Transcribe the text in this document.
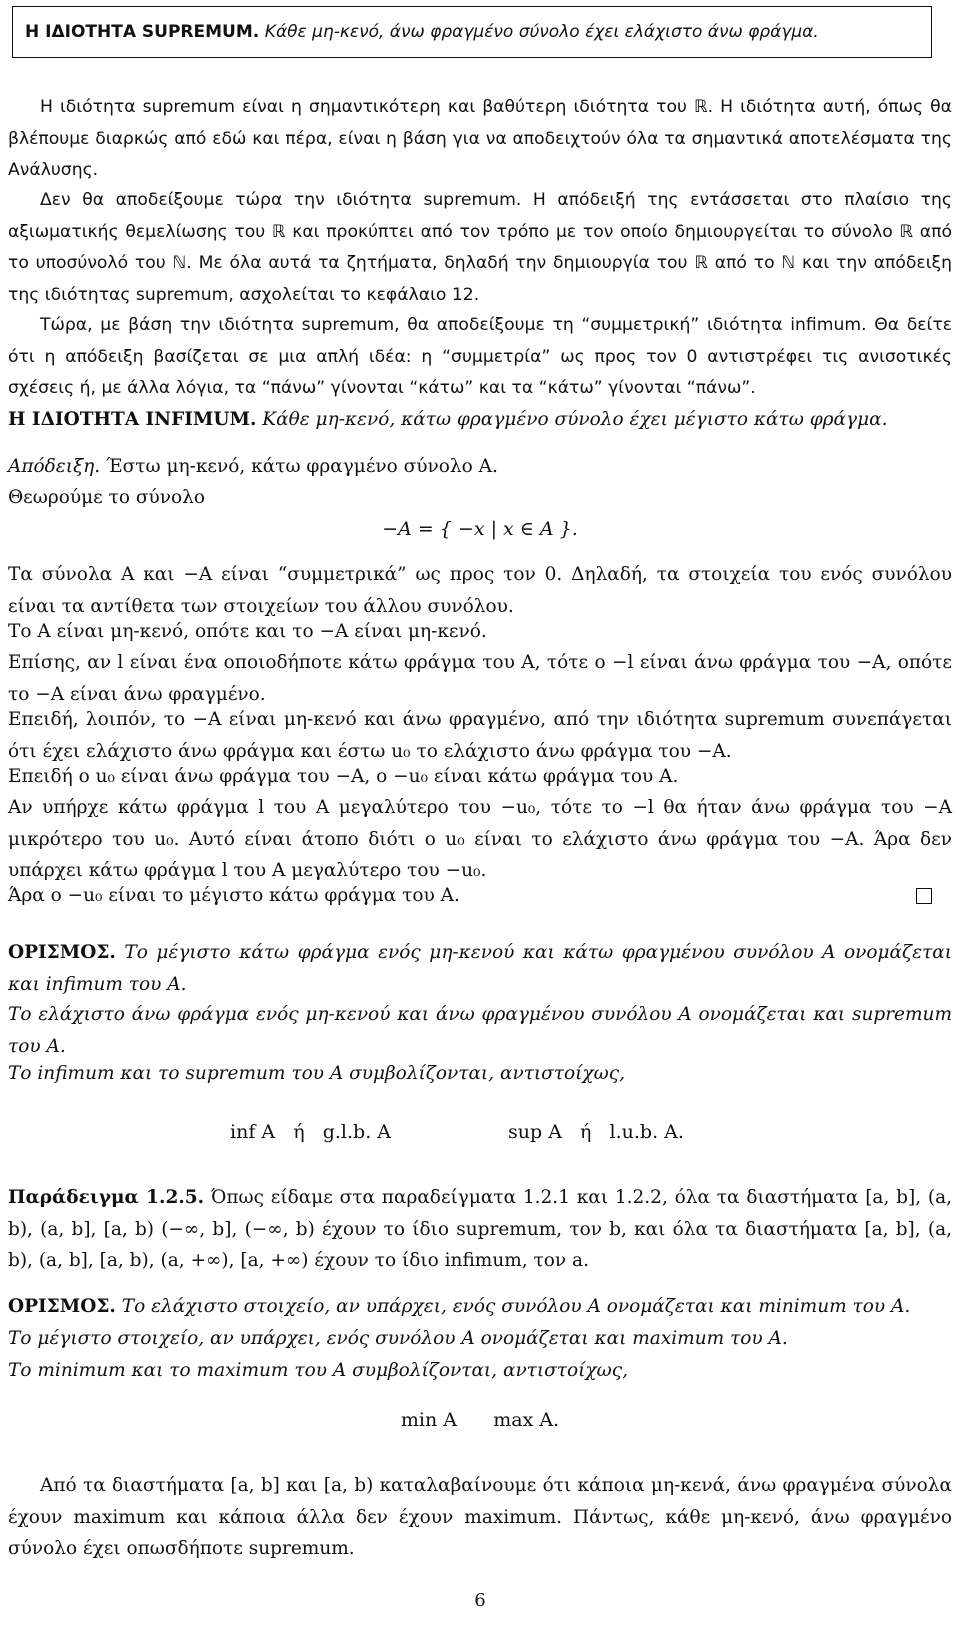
Η ΙΔΙΟΤΗΤΑ SUPREMUM.
Κάθε μη-κενό, άνω φραγμένο σύνολο έχει ελάχιστο άνω φράγμα.

Η ιδιότητα supremum είναι η σημαντικότερη και βαθύτερη ιδιότητα του ℝ. Η ιδιότητα αυτή, όπως θα βλέπουμε διαρκώς από εδώ και πέρα, είναι η βάση για να αποδειχτούν όλα τα σημαντικά αποτελέσματα της Ανάλυσης.

Δεν θα αποδείξουμε τώρα την ιδιότητα supremum. Η απόδειξή της εντάσσεται στο πλαίσιο της αξιωματικής θεμελίωσης του ℝ και προκύπτει από τον τρόπο με τον οποίο δημιουργείται το σύνολο ℝ από το υποσύνολό του ℕ. Με όλα αυτά τα ζητήματα, δηλαδή την δημιουργία του ℝ από το ℕ και την απόδειξη της ιδιότητας supremum, ασχολείται το κεφάλαιο 12.

Τώρα, με βάση την ιδιότητα supremum, θα αποδείξουμε τη “συμμετρική” ιδιότητα infimum. Θα δείτε ότι η απόδειξη βασίζεται σε μια απλή ιδέα: η “συμμετρία” ως προς τον 0 αντιστρέφει τις ανισοτικές σχέσεις ή, με άλλα λόγια, τα “πάνω” γίνονται “κάτω” και τα “κάτω” γίνονται “πάνω”.

Η ΙΔΙΟΤΗΤΑ INFIMUM. Κάθε μη-κενό, κάτω φραγμένο σύνολο έχει μέγιστο κάτω φράγμα.

Απόδειξη. Έστω μη-κενό, κάτω φραγμένο σύνολο A.

Θεωρούμε το σύνολο

−A = { −x | x ∈ A }.

Τα σύνολα A και −A είναι “συμμετρικά” ως προς τον 0. Δηλαδή, τα στοιχεία του ενός συνόλου είναι τα αντίθετα των στοιχείων του άλλου συνόλου.

Το A είναι μη-κενό, οπότε και το −A είναι μη-κενό.

Επίσης, αν l είναι ένα οποιοδήποτε κάτω φράγμα του A, τότε ο −l είναι άνω φράγμα του −A, οπότε το −A είναι άνω φραγμένο.

Επειδή, λοιπόν, το −A είναι μη-κενό και άνω φραγμένο, από την ιδιότητα supremum συνεπάγεται ότι έχει ελάχιστο άνω φράγμα και έστω u₀ το ελάχιστο άνω φράγμα του −A.

Επειδή ο u₀ είναι άνω φράγμα του −A, ο −u₀ είναι κάτω φράγμα του A.

Αν υπήρχε κάτω φράγμα l του A μεγαλύτερο του −u₀, τότε το −l θα ήταν άνω φράγμα του −A μικρότερο του u₀. Αυτό είναι άτοπο διότι ο u₀ είναι το ελάχιστο άνω φράγμα του −A. Άρα δεν υπάρχει κάτω φράγμα l του A μεγαλύτερο του −u₀.

Άρα ο −u₀ είναι το μέγιστο κάτω φράγμα του A.

ΟΡΙΣΜΟΣ. Το μέγιστο κάτω φράγμα ενός μη-κενού και κάτω φραγμένου συνόλου A ονομάζεται και infimum του A.

Το ελάχιστο άνω φράγμα ενός μη-κενού και άνω φραγμένου συνόλου A ονομάζεται και supremum του A.

Το infimum και το supremum του A συμβολίζονται, αντιστοίχως,

inf A   ή   g.l.b. A	sup A   ή   l.u.b. A.

Παράδειγμα 1.2.5. Όπως είδαμε στα παραδείγματα 1.2.1 και 1.2.2, όλα τα διαστήματα [a, b], (a, b), (a, b], [a, b) (−∞, b], (−∞, b) έχουν το ίδιο supremum, τον b, και όλα τα διαστήματα [a, b], (a, b), (a, b], [a, b), (a, +∞), [a, +∞) έχουν το ίδιο infimum, τον a.

ΟΡΙΣΜΟΣ. Το ελάχιστο στοιχείο, αν υπάρχει, ενός συνόλου A ονομάζεται και minimum του A.

Το μέγιστο στοιχείο, αν υπάρχει, ενός συνόλου A ονομάζεται και maximum του A.

Το minimum και το maximum του A συμβολίζονται, αντιστοίχως,

min A      max A.

Από τα διαστήματα [a, b] και [a, b) καταλαβαίνουμε ότι κάποια μη-κενά, άνω φραγμένα σύνολα έχουν maximum και κάποια άλλα δεν έχουν maximum. Πάντως, κάθε μη-κενό, άνω φραγμένο σύνολο έχει οπωσδήποτε supremum.

6
